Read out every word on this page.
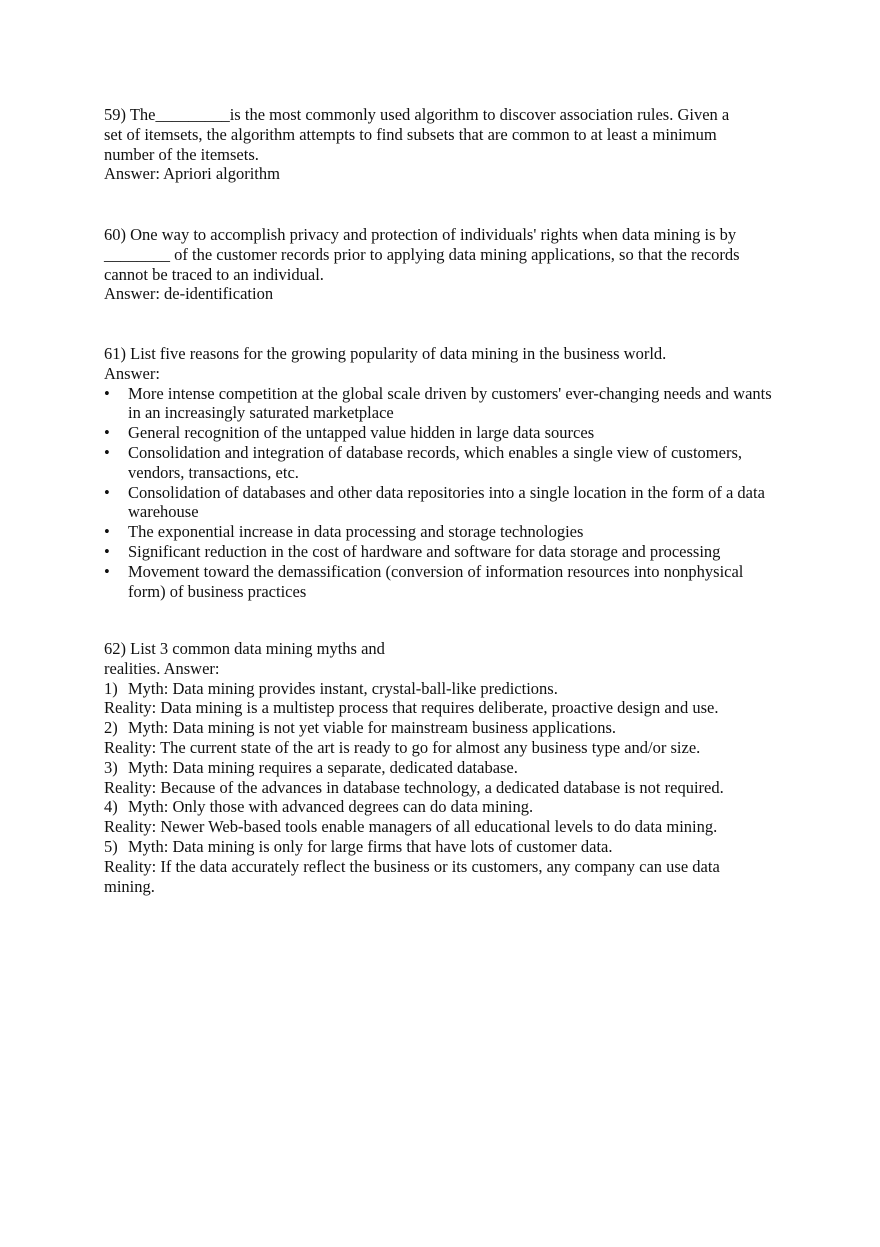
59) The_________is the most commonly used algorithm to discover association rules. Given a
set of itemsets, the algorithm attempts to find subsets that are common to at least a minimum
number of the itemsets.
Answer: Apriori algorithm
60) One way to accomplish privacy and protection of individuals' rights when data mining is by
________ of the customer records prior to applying data mining applications, so that the records
cannot be traced to an individual.
Answer: de-identification
61) List five reasons for the growing popularity of data mining in the business world.
Answer:
• More intense competition at the global scale driven by customers' ever-changing needs and wants in an increasingly saturated marketplace
• General recognition of the untapped value hidden in large data sources
• Consolidation and integration of database records, which enables a single view of customers, vendors, transactions, etc.
• Consolidation of databases and other data repositories into a single location in the form of a data warehouse
• The exponential increase in data processing and storage technologies
• Significant reduction in the cost of hardware and software for data storage and processing
• Movement toward the demassification (conversion of information resources into nonphysical form) of business practices
62) List 3 common data mining myths and
realities. Answer:
1) Myth: Data mining provides instant, crystal-ball-like predictions.
Reality: Data mining is a multistep process that requires deliberate, proactive design and use.
2) Myth: Data mining is not yet viable for mainstream business applications.
Reality: The current state of the art is ready to go for almost any business type and/or size.
3) Myth: Data mining requires a separate, dedicated database.
Reality: Because of the advances in database technology, a dedicated database is not required.
4) Myth: Only those with advanced degrees can do data mining.
Reality: Newer Web-based tools enable managers of all educational levels to do data mining.
5) Myth: Data mining is only for large firms that have lots of customer data.
Reality: If the data accurately reflect the business or its customers, any company can use data mining.
